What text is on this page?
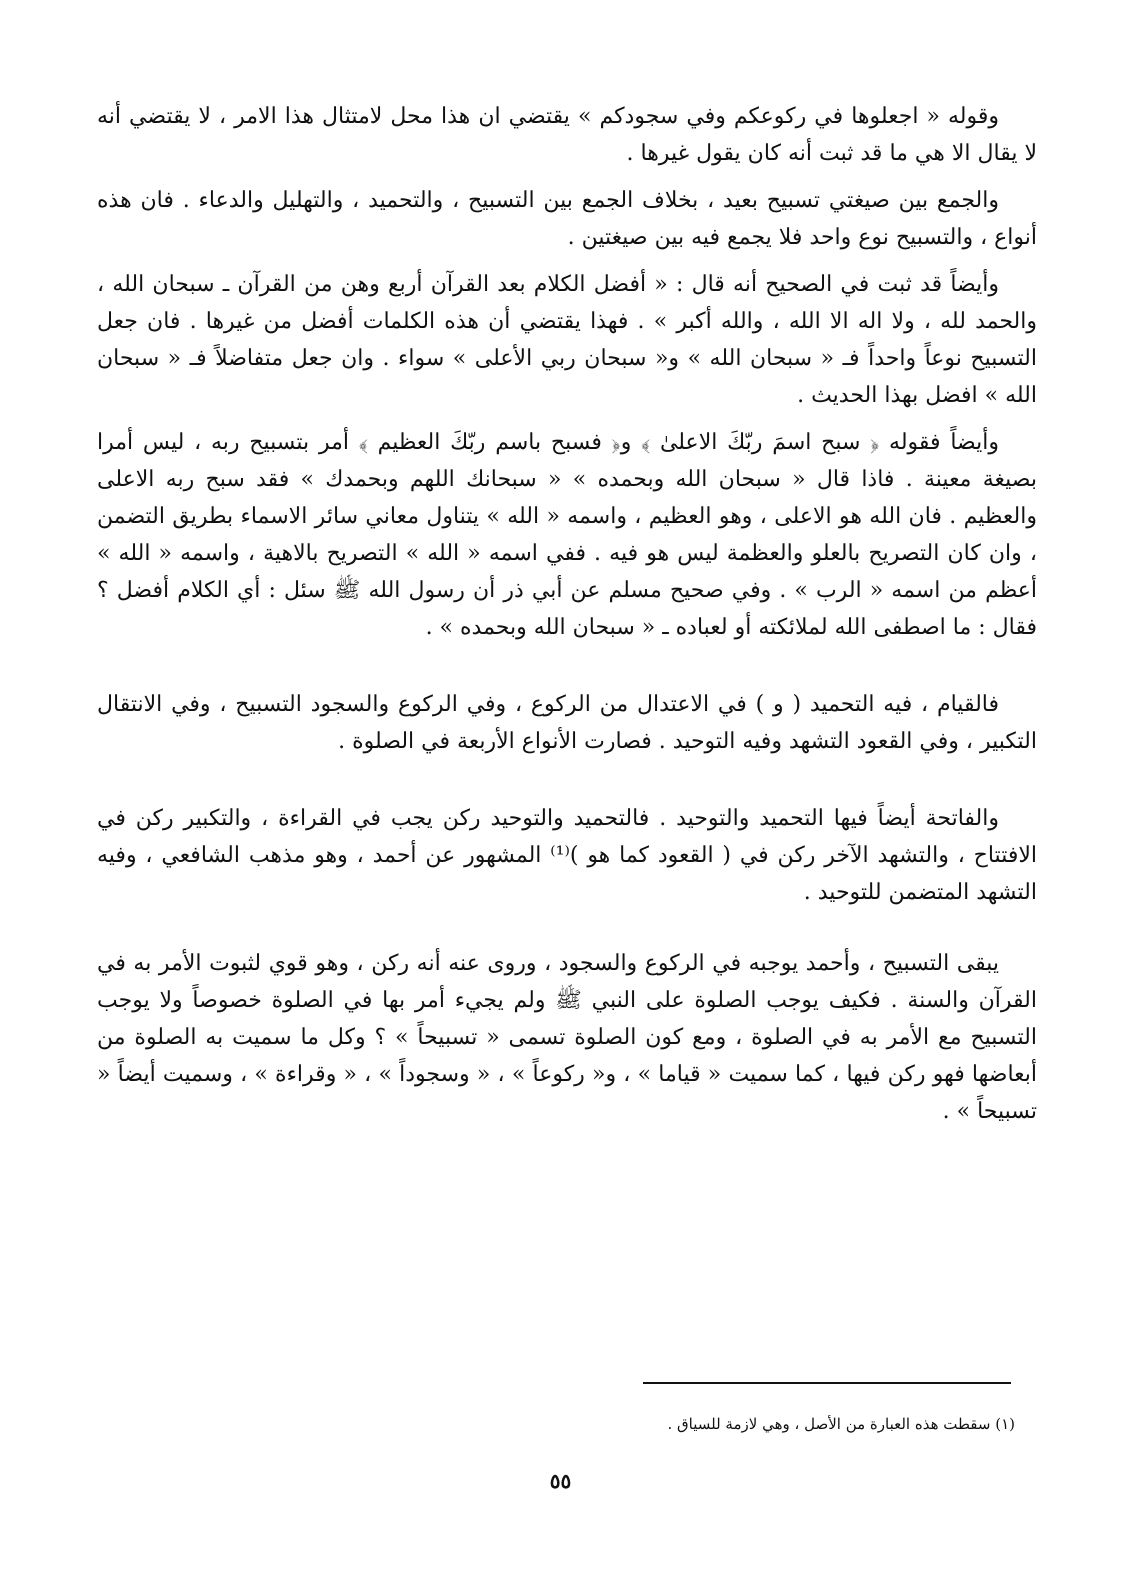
وقوله « اجعلوها في ركوعكم وفي سجودكم » يقتضي ان هذا محل لامتثال هذا الامر ، لا يقتضي أنه لا يقال الا هي ما قد ثبت أنه كان يقول غيرها .

والجمع بين صيغتي تسبيح بعيد ، بخلاف الجمع بين التسبيح ، والتحميد ، والتهليل والدعاء . فان هذه أنواع ، والتسبيح نوع واحد فلا يجمع فيه بين صيغتين .

وأيضاً قد ثبت في الصحيح أنه قال : « أفضل الكلام بعد القرآن أربع وهن من القرآن ـ سبحان الله ، والحمد لله ، ولا اله الا الله ، والله أكبر » . فهذا يقتضي أن هذه الكلمات أفضل من غيرها . فان جعل التسبيح نوعاً واحداً فـ « سبحان الله » و« سبحان ربي الأعلى » سواء . وان جعل متفاضلاً فـ « سبحان الله » افضل بهذا الحديث .

وأيضاً فقوله ﴿ سبح اسمَ ربّكَ الاعلىٰ ﴾ و﴿ فسبح باسم ربّكَ العظيم ﴾ أمر بتسبيح ربه ، ليس أمرا بصيغة معينة . فاذا قال « سبحان الله وبحمده » « سبحانك اللهم وبحمدك » فقد سبح ربه الاعلى والعظيم . فان الله هو الاعلى ، وهو العظيم ، واسمه « الله » يتناول معاني سائر الاسماء بطريق التضمن ، وان كان التصريح بالعلو والعظمة ليس هو فيه . ففي اسمه « الله » التصريح بالاهية ، واسمه « الله » أعظم من اسمه « الرب » . وفي صحيح مسلم عن أبي ذر أن رسول الله ﷺ سئل : أي الكلام أفضل ؟ فقال : ما اصطفى الله لملائكته أو لعباده ـ « سبحان الله وبحمده » .

فالقيام ، فيه التحميد ( و ) في الاعتدال من الركوع ، وفي الركوع والسجود التسبيح ، وفي الانتقال التكبير ، وفي القعود التشهد وفيه التوحيد . فصارت الأنواع الأربعة في الصلوة .

والفاتحة أيضاً فيها التحميد والتوحيد . فالتحميد والتوحيد ركن يجب في القراءة ، والتكبير ركن في الافتتاح ، والتشهد الآخر ركن في ( القعود كما هو )⁽¹⁾ المشهور عن أحمد ، وهو مذهب الشافعي ، وفيه التشهد المتضمن للتوحيد .

يبقى التسبيح ، وأحمد يوجبه في الركوع والسجود ، وروى عنه أنه ركن ، وهو قوي لثبوت الأمر به في القرآن والسنة . فكيف يوجب الصلوة على النبي ﷺ ولم يجيء أمر بها في الصلوة خصوصاً ولا يوجب التسبيح مع الأمر به في الصلوة ، ومع كون الصلوة تسمى « تسبيحاً » ؟ وكل ما سميت به الصلوة من أبعاضها فهو ركن فيها ، كما سميت « قياما » ، و« ركوعاً » ، « وسجوداً » ، « وقراءة » ، وسميت أيضاً « تسبيحاً » .

(١) سقطت هذه العبارة من الأصل ، وهي لازمة للسياق .

٥٥
